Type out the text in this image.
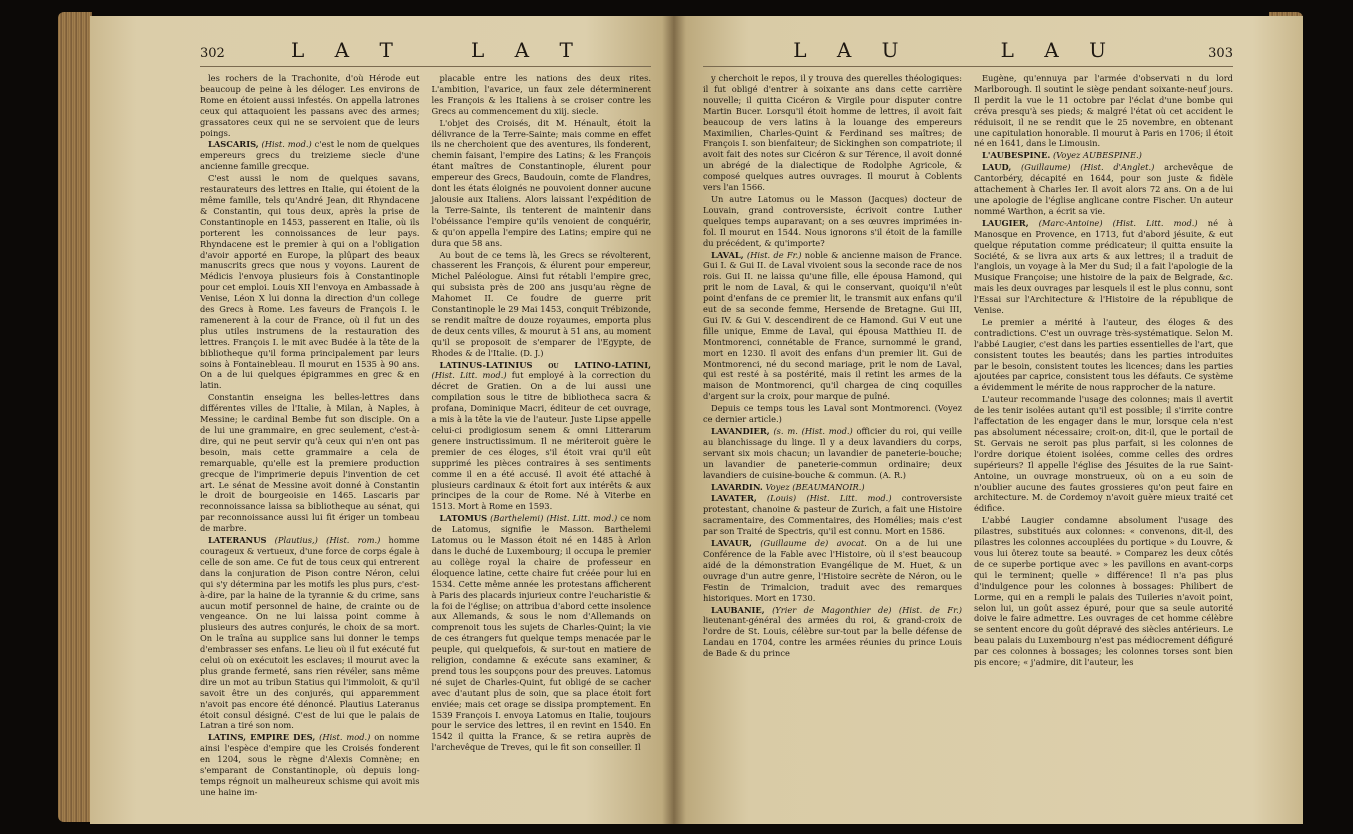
302	L A T	L A T

les rochers de la Trachonite, d'où Hérode eut beaucoup de peine à les déloger. Les environs de Rome en étoient aussi infestés. On appella latrones ceux qui attaquoient les passans avec des armes; grassatores ceux qui ne se servoient que de leurs poings.

LASCARIS, (Hist. mod.) c'est le nom de quelques empereurs grecs du treizieme siecle d'une ancienne famille grecque.

C'est aussi le nom de quelques savans, restaurateurs des lettres en Italie, qui étoient de la même famille, tels qu'André Jean, dit Rhyndacene & Constantin, qui tous deux, après la prise de Constantinople en 1453, passerent en Italie, où ils porterent les connoissances de leur pays. Rhyndacene est le premier à qui on a l'obligation d'avoir apporté en Europe, la plûpart des beaux manuscrits grecs que nous y voyons. Laurent de Médicis l'envoya plusieurs fois à Constantinople pour cet emploi. Louis XII l'envoya en Ambassade à Venise, Léon X lui donna la direction d'un college des Grecs à Rome. Les faveurs de François I. le ramenerent à la cour de France, où il fut un des plus utiles instrumens de la restauration des lettres. François I. le mit avec Budée à la tête de la bibliotheque qu'il forma principalement par leurs soins à Fontainebleau. Il mourut en 1535 à 90 ans. On a de lui quelques épigrammes en grec & en latin.

Constantin enseigna les belles-lettres dans différentes villes de l'Italie, à Milan, à Naples, à Messine; le cardinal Bembe fut son disciple. On a de lui une grammaire, en grec seulement, c'est-à-dire, qui ne peut servir qu'à ceux qui n'en ont pas besoin, mais cette grammaire a cela de remarquable, qu'elle est la premiere production grecque de l'imprimerie depuis l'invention de cet art. Le sénat de Messine avoit donné à Constantin le droit de bourgeoisie en 1465. Lascaris par reconnoissance laissa sa bibliotheque au sénat, qui par reconnoissance aussi lui fit ériger un tombeau de marbre.

LATERANUS (Plautius,) (Hist. rom.) homme courageux & vertueux, d'une force de corps égale à celle de son ame. Ce fut de tous ceux qui entrerent dans la conjuration de Pison contre Néron, celui qui s'y détermina par les motifs les plus purs, c'est-à-dire, par la haine de la tyrannie & du crime, sans aucun motif personnel de haine, de crainte ou de vengeance. On ne lui laissa point comme à plusieurs des autres conjurés, le choix de sa mort. On le traîna au supplice sans lui donner le temps d'embrasser ses enfans. Le lieu où il fut exécuté fut celui où on exécutoit les esclaves; il mourut avec la plus grande fermeté, sans rien révéler, sans même dire un mot au tribun Statius qui l'immoloit, & qu'il savoit être un des conjurés, qui apparemment n'avoit pas encore été dénoncé. Plautius Lateranus étoit consul désigné. C'est de lui que le palais de Latran a tiré son nom.

LATINS, EMPIRE DES, (Hist. mod.) on nomme ainsi l'espèce d'empire que les Croisés fonderent en 1204, sous le règne d'Alexis Comnène; en s'emparant de Constantinople, où depuis long-temps régnoit un malheureux schisme qui avoit mis une haine im-

placable entre les nations des deux rites. L'ambition, l'avarice, un faux zele déterminerent les François & les Italiens à se croiser contre les Grecs au commencement du xiij. siecle.

L'objet des Croisés, dit M. Hénault, étoit la délivrance de la Terre-Sainte; mais comme en effet ils ne cherchoient que des aventures, ils fonderent, chemin faisant, l'empire des Latins; & les François étant maîtres de Constantinople, élurent pour empereur des Grecs, Baudouin, comte de Flandres, dont les états éloignés ne pouvoient donner aucune jalousie aux Italiens. Alors laissant l'expédition de la Terre-Sainte, ils tenterent de maintenir dans l'obéissance l'empire qu'ils venoient de conquérir, & qu'on appella l'empire des Latins; empire qui ne dura que 58 ans.

Au bout de ce tems là, les Grecs se révolterent, chasserent les François, & élurent pour empereur, Michel Paléologue. Ainsi fut rétabli l'empire grec, qui subsista près de 200 ans jusqu'au règne de Mahomet II. Ce foudre de guerre prit Constantinople le 29 Mai 1453, conquit Trébizonde, se rendit maître de douze royaumes, emporta plus de deux cents villes, & mourut à 51 ans, au moment qu'il se proposoit de s'emparer de l'Egypte, de Rhodes & de l'Italie. (D. J.)

LATINUS-LATINIUS ou LATINO-LATINI, (Hist. Litt. mod.) fut employé à la correction du décret de Gratien. On a de lui aussi une compilation sous le titre de bibliotheca sacra & profana, Dominique Macri, éditeur de cet ouvrage, a mis à la tête la vie de l'auteur. Juste Lipse appelle celui-ci prodigiosum senem & omni Litterarum genere instructissimum. Il ne mériteroit guère le premier de ces éloges, s'il étoit vrai qu'il eût supprimé les pièces contraires à ses sentiments comme il en a été accusé. Il avoit été attaché à plusieurs cardinaux & étoit fort aux intérêts & aux principes de la cour de Rome. Né à Viterbe en 1513. Mort à Rome en 1593.

LATOMUS (Barthelemi) (Hist. Litt. mod.) ce nom de Latomus, signifie le Masson. Barthelemi Latomus ou le Masson étoit né en 1485 à Arlon dans le duché de Luxembourg; il occupa le premier au collège royal la chaire de professeur en éloquence latine, cette chaire fut créée pour lui en 1534. Cette même année les protestans afficherent à Paris des placards injurieux contre l'eucharistie & la foi de l'église; on attribua d'abord cette insolence aux Allemands, & sous le nom d'Allemands on comprenoit tous les sujets de Charles-Quint; la vie de ces étrangers fut quelque temps menacée par le peuple, qui quelquefois, & sur-tout en matiere de religion, condamne & exécute sans examiner, & prend tous les soupçons pour des preuves. Latomus né sujet de Charles-Quint, fut obligé de se cacher avec d'autant plus de soin, que sa place étoit fort enviée; mais cet orage se dissipa promptement. En 1539 François I. envoya Latomus en Italie, toujours pour le service des lettres, il en revint en 1540. En 1542 il quitta la France, & se retira auprès de l'archevêque de Treves, qui le fit son conseiller. Il

L A U	L A U	303

y cherchoit le repos, il y trouva des querelles théologiques: il fut obligé d'entrer à soixante ans dans cette carrière nouvelle; il quitta Cicéron & Virgile pour disputer contre Martin Bucer. Lorsqu'il étoit homme de lettres, il avoit fait beaucoup de vers latins à la louange des empereurs Maximilien, Charles-Quint & Ferdinand ses maîtres; de François I. son bienfaiteur; de Sickinghen son compatriote; il avoit fait des notes sur Cicéron & sur Térence, il avoit donné un abrégé de la dialectique de Rodolphe Agricole, & composé quelques autres ouvrages. Il mourut à Coblents vers l'an 1566.

Un autre Latomus ou le Masson (Jacques) docteur de Louvain, grand controversiste, écrivoit contre Luther quelques temps auparavant; on a ses œuvres imprimées in-fol. Il mourut en 1544. Nous ignorons s'il étoit de la famille du précédent, & qu'importe?

LAVAL, (Hist. de Fr.) noble & ancienne maison de France. Gui I. & Gui II. de Laval vivoient sous la seconde race de nos rois. Gui II. ne laissa qu'une fille, elle épousa Hamond, qui prit le nom de Laval, & qui le conservant, quoiqu'il n'eût point d'enfans de ce premier lit, le transmit aux enfans qu'il eut de sa seconde femme, Hersende de Bretagne. Gui III, Gui IV. & Gui V. descendirent de ce Hamond. Gui V eut une fille unique, Emme de Laval, qui épousa Matthieu II. de Montmorenci, connétable de France, surnommé le grand, mort en 1230. Il avoit des enfans d'un premier lit. Gui de Montmorenci, né du second mariage, prit le nom de Laval, qui est resté à sa postérité, mais il retint les armes de la maison de Montmorenci, qu'il chargea de cinq coquilles d'argent sur la croix, pour marque de puîné.

Depuis ce temps tous les Laval sont Montmorenci. (Voyez ce dernier article.)

LAVANDIER, (s. m. (Hist. mod.) officier du roi, qui veille au blanchissage du linge. Il y a deux lavandiers du corps, servant six mois chacun; un lavandier de paneterie-bouche; un lavandier de paneterie-commun ordinaire; deux lavandiers de cuisine-bouche & commun. (A. R.)

LAVARDIN. Voyez (BEAUMANOIR.)

LAVATER, (Louis) (Hist. Litt. mod.) controversiste protestant, chanoine & pasteur de Zurich, a fait une Histoire sacramentaire, des Commentaires, des Homélies; mais c'est par son Traité de Spectris, qu'il est connu. Mort en 1586.

LAVAUR, (Guillaume de) avocat. On a de lui une Conférence de la Fable avec l'Histoire, où il s'est beaucoup aidé de la démonstration Evangélique de M. Huet, & un ouvrage d'un autre genre, l'Histoire secrète de Néron, ou le Festin de Trimalcion, traduit avec des remarques historiques. Mort en 1730.

LAUBANIE, (Yrier de Magonthier de) (Hist. de Fr.) lieutenant-général des armées du roi, & grand-croix de l'ordre de St. Louis, célèbre sur-tout par la belle défense de Landau en 1704, contre les armées réunies du prince Louis de Bade & du prince

Eugène, qu'ennuya par l'armée d'observati n du lord Marlborough. Il soutint le siège pendant soixante-neuf jours. Il perdit la vue le 11 octobre par l'éclat d'une bombe qui créva presqu'à ses pieds; & malgré l'état où cet accident le réduisoit, il ne se rendit que le 25 novembre, en obtenant une capitulation honorable. Il mourut à Paris en 1706; il étoit né en 1641, dans le Limousin.

L'AUBESPINE. (Voyez AUBESPINE.)

LAUD, (Guillaume) (Hist. d'Anglet.) archevêque de Cantorbéry, décapité en 1644, pour son juste & fidèle attachement à Charles Ier. Il avoit alors 72 ans. On a de lui une apologie de l'église anglicane contre Fischer. Un auteur nommé Warthon, a écrit sa vie.

LAUGIER, (Marc-Antoine) (Hist. Litt. mod.) né à Manosque en Provence, en 1713, fut d'abord jésuite, & eut quelque réputation comme prédicateur; il quitta ensuite la Société, & se livra aux arts & aux lettres; il a traduit de l'anglois, un voyage à la Mer du Sud; il a fait l'apologie de la Musique Françoise; une histoire de la paix de Belgrade, &c. mais les deux ouvrages par lesquels il est le plus connu, sont l'Essai sur l'Architecture & l'Histoire de la république de Venise.

Le premier a mérité à l'auteur, des éloges & des contradictions. C'est un ouvrage très-systématique. Selon M. l'abbé Laugier, c'est dans les parties essentielles de l'art, que consistent toutes les beautés; dans les parties introduites par le besoin, consistent toutes les licences; dans les parties ajoutées par caprice, consistent tous les défauts. Ce système a évidemment le mérite de nous rapprocher de la nature.

L'auteur recommande l'usage des colonnes; mais il avertit de les tenir isolées autant qu'il est possible; il s'irrite contre l'affectation de les engager dans le mur, lorsque cela n'est pas absolument nécessaire; croit-on, dit-il, que le portail de St. Gervais ne seroit pas plus parfait, si les colonnes de l'ordre dorique étoient isolées, comme celles des ordres supérieurs? Il appelle l'église des Jésuites de la rue Saint-Antoine, un ouvrage monstrueux, où on a eu soin de n'oublier aucune des fautes grossieres qu'on peut faire en architecture. M. de Cordemoy n'avoit guère mieux traité cet édifice.

L'abbé Laugier condamne absolument l'usage des pilastres, substitués aux colonnes: « convenons, dit-il, des pilastres les colonnes accouplées du portique » du Louvre, & vous lui ôterez toute sa beauté. » Comparez les deux côtés de ce superbe portique avec » les pavillons en avant-corps qui le terminent; quelle » différence! Il n'a pas plus d'indulgence pour les colonnes à bossages: Philibert de Lorme, qui en a rempli le palais des Tuileries n'avoit point, selon lui, un goût assez épuré, pour que sa seule autorité doive le faire admettre. Les ouvrages de cet homme célèbre se sentent encore du goût dépravé des siècles antérieurs. Le beau palais du Luxembourg n'est pas médiocrement défiguré par ces colonnes à bossages; les colonnes torses sont bien pis encore; « j'admire, dit l'auteur, les
